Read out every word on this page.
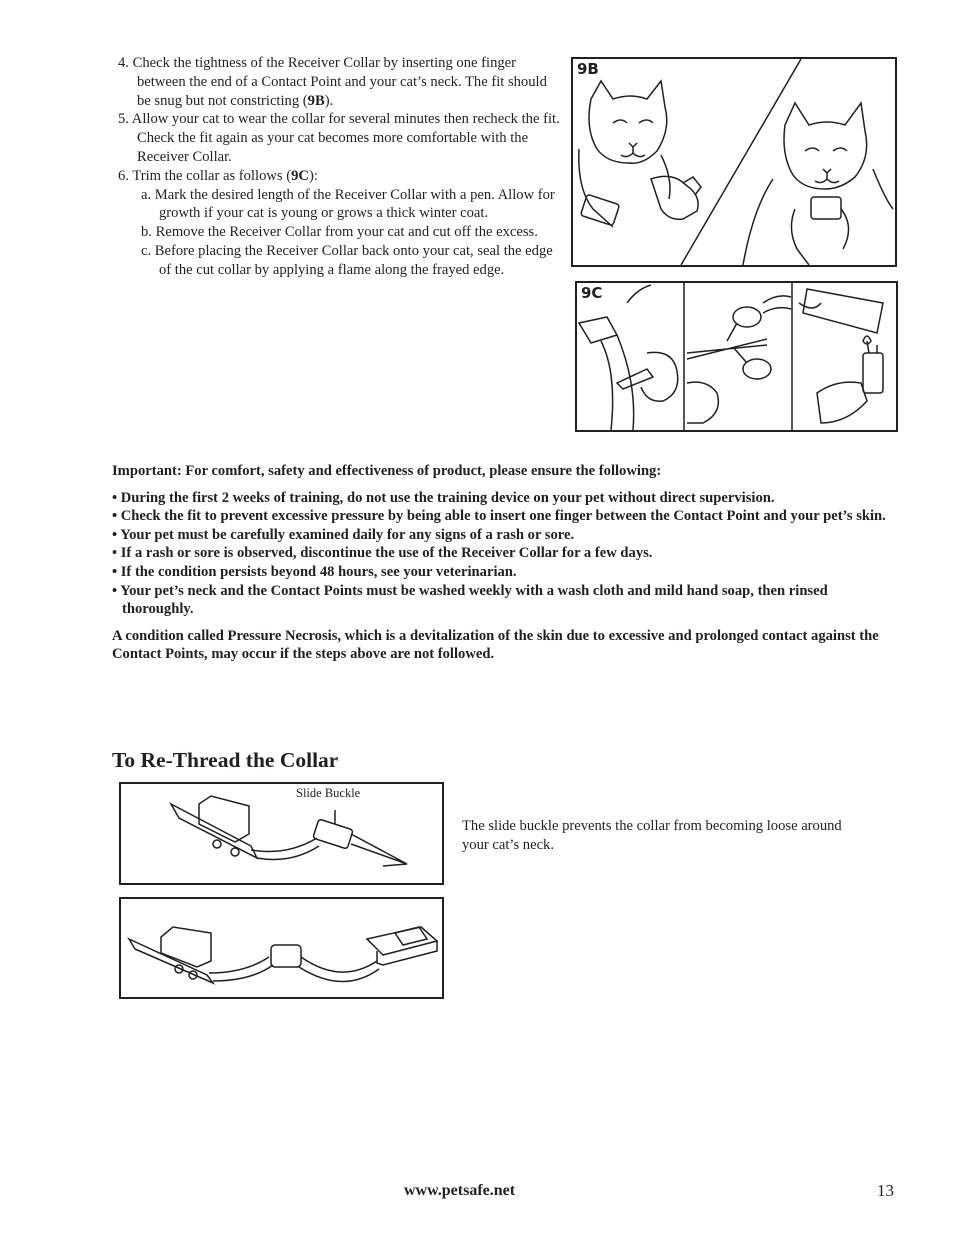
4. Check the tightness of the Receiver Collar by inserting one finger between the end of a Contact Point and your cat’s neck. The fit should be snug but not constricting (9B).
5. Allow your cat to wear the collar for several minutes then recheck the fit. Check the fit again as your cat becomes more comfortable with the Receiver Collar.
6. Trim the collar as follows (9C):
a. Mark the desired length of the Receiver Collar with a pen. Allow for growth if your cat is young or grows a thick winter coat.
b. Remove the Receiver Collar from your cat and cut off the excess.
c. Before placing the Receiver Collar back onto your cat, seal the edge of the cut collar by applying a flame along the frayed edge.
9B
9C

Important: For comfort, safety and effectiveness of product, please ensure the following:

• During the first 2 weeks of training, do not use the training device on your pet without direct supervision.
• Check the fit to prevent excessive pressure by being able to insert one finger between the Contact Point and your pet’s skin.
• Your pet must be carefully examined daily for any signs of a rash or sore.
• If a rash or sore is observed, discontinue the use of the Receiver Collar for a few days.
• If the condition persists beyond 48 hours, see your veterinarian.
• Your pet’s neck and the Contact Points must be washed weekly with a wash cloth and mild hand soap, then rinsed thoroughly.

A condition called Pressure Necrosis, which is a devitalization of the skin due to excessive and prolonged contact against the Contact Points, may occur if the steps above are not followed.

To Re-Thread the Collar
Slide Buckle
The slide buckle prevents the collar from becoming loose around your cat’s neck.
www.petsafe.net	13
